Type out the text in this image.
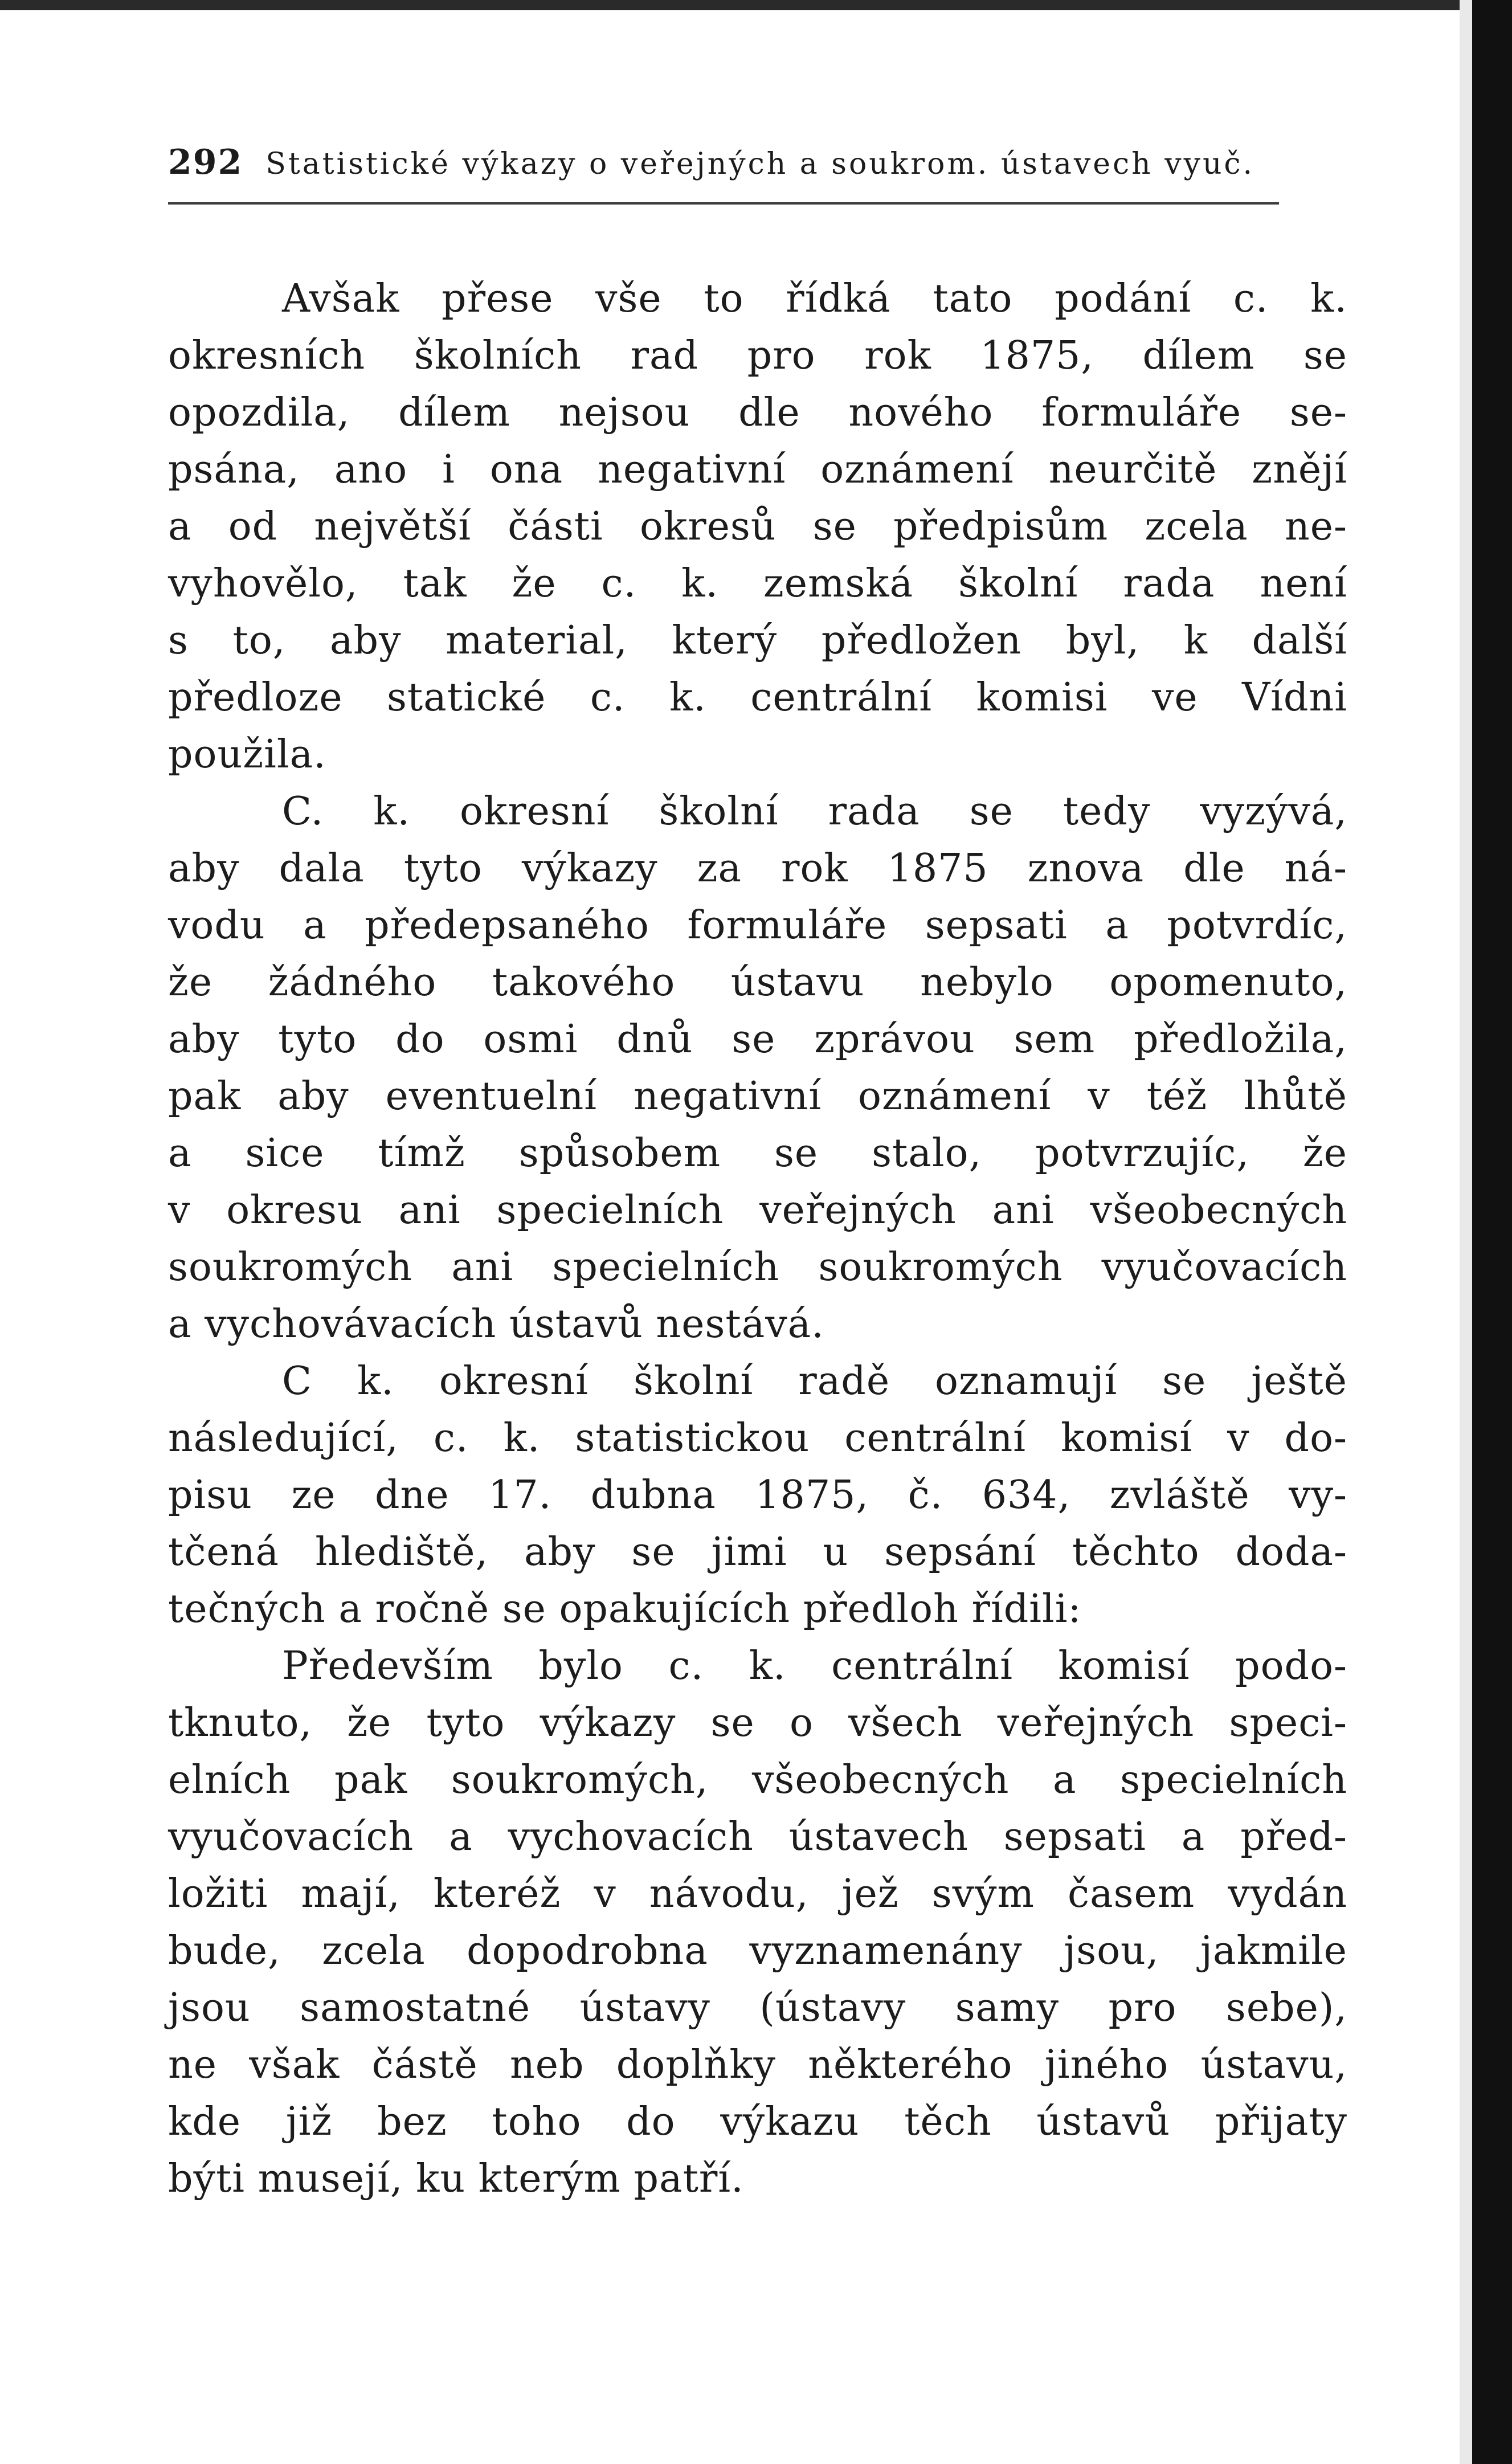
292 Statistické výkazy o veřejných a soukrom. ústavech vyuč.
Avšak přese vše to řídká tato podání c. k.
okresních školních rad pro rok 1875, dílem se
opozdila, dílem nejsou dle nového formuláře se-
psána, ano i ona negativní oznámení neurčitě znějí
a od největší části okresů se předpisům zcela ne-
vyhovělo, tak že c. k. zemská školní rada není
s to, aby material, který předložen byl, k další
předloze statické c. k. centrální komisi ve Vídni
použila.
C. k. okresní školní rada se tedy vyzývá,
aby dala tyto výkazy za rok 1875 znova dle ná-
vodu a předepsaného formuláře sepsati a potvrdíc,
že žádného takového ústavu nebylo opomenuto,
aby tyto do osmi dnů se zprávou sem předložila,
pak aby eventuelní negativní oznámení v též lhůtě
a sice tímž spůsobem se stalo, potvrzujíc, že
v okresu ani specielních veřejných ani všeobecných
soukromých ani specielních soukromých vyučovacích
a vychovávacích ústavů nestává.
C k. okresní školní radě oznamují se ještě
následující, c. k. statistickou centrální komisí v do-
pisu ze dne 17. dubna 1875, č. 634, zvláště vy-
tčená hlediště, aby se jimi u sepsání těchto doda-
tečných a ročně se opakujících předloh řídili:
Především bylo c. k. centrální komisí podo-
tknuto, že tyto výkazy se o všech veřejných speci-
elních pak soukromých, všeobecných a specielních
vyučovacích a vychovacích ústavech sepsati a před-
ložiti mají, kteréž v návodu, jež svým časem vydán
bude, zcela dopodrobna vyznamenány jsou, jakmile
jsou samostatné ústavy (ústavy samy pro sebe),
ne však částě neb doplňky některého jiného ústavu,
kde již bez toho do výkazu těch ústavů přijaty
býti musejí, ku kterým patří.
